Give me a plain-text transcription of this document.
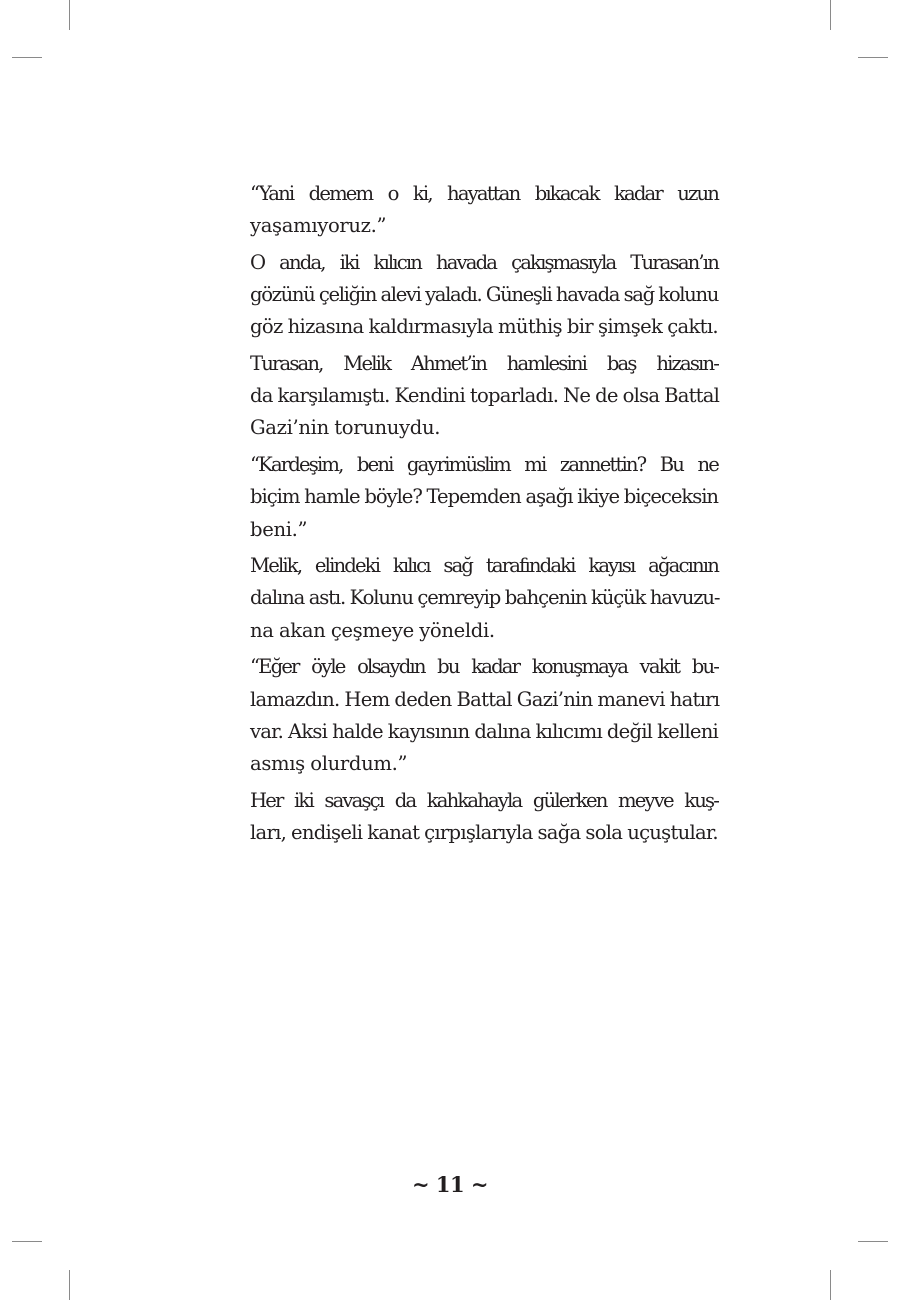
“Yani demem o ki, hayattan bıkacak kadar uzun
yaşamıyoruz.”

O anda, iki kılıcın havada çakışmasıyla Turasan’ın
gözünü çeliğin alevi yaladı. Güneşli havada sağ kolunu
göz hizasına kaldırmasıyla müthiş bir şimşek çaktı.

Turasan, Melik Ahmet’in hamlesini baş hizasın-
da karşılamıştı. Kendini toparladı. Ne de olsa Battal
Gazi’nin torunuydu.

“Kardeşim, beni gayrimüslim mi zannettin? Bu ne
biçim hamle böyle? Tepemden aşağı ikiye biçeceksin
beni.”

Melik, elindeki kılıcı sağ tarafındaki kayısı ağacının
dalına astı. Kolunu çemreyip bahçenin küçük havuzu-
na akan çeşmeye yöneldi.

“Eğer öyle olsaydın bu kadar konuşmaya vakit bu-
lamazdın. Hem deden Battal Gazi’nin manevi hatırı
var. Aksi halde kayısının dalına kılıcımı değil kelleni
asmış olurdum.”

Her iki savaşçı da kahkahayla gülerken meyve kuş-
ları, endişeli kanat çırpışlarıyla sağa sola uçuştular.

~ 11 ~
